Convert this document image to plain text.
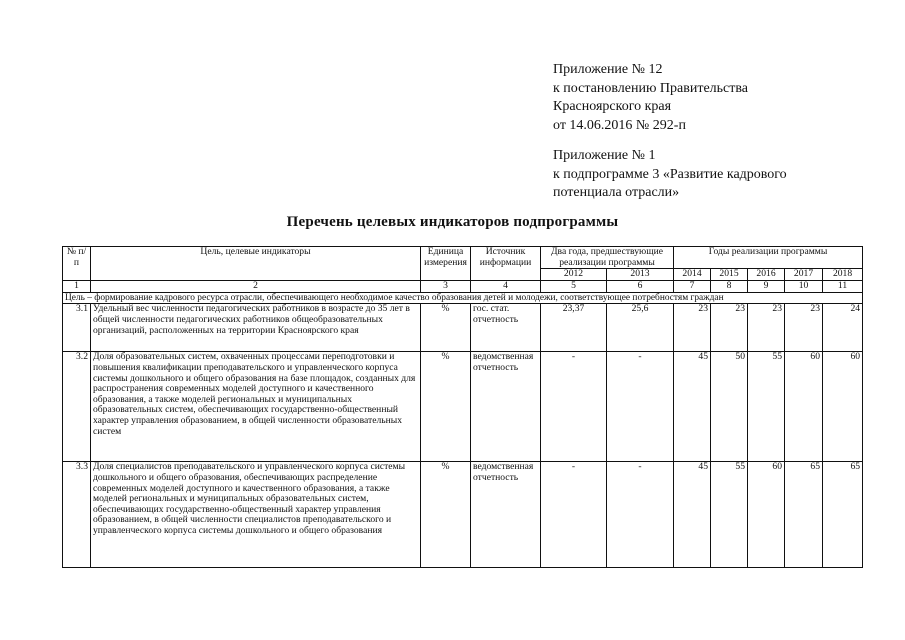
Приложение № 12
к постановлению Правительства
Красноярского края
от 14.06.2016 № 292-п
Приложение № 1
к подпрограмме 3 «Развитие кадрового
потенциала отрасли»
Перечень целевых индикаторов подпрограммы
№ п/п	Цель, целевые индикаторы	Единица измерения	Источник информации	Два года, предшествующие реализации программы		Годы реализации программы				
				2012	2013	2014	2015	2016	2017	2018
1	2	3	4	5	6	7	8	9	10	11
Цель – формирование кадрового ресурса отрасли, обеспечивающего необходимое качество образования детей и молодежи, соответствующее потребностям граждан										
3.1	Удельный вес численности педагогических работников в возрасте до 35 лет в общей численности педагогических работников общеобразовательных организаций, расположенных на территории Красноярского края	%	гос. стат. отчетность	23,37	25,6	23	23	23	23	24
3.2	Доля образовательных систем, охваченных процессами переподготовки и повышения квалификации преподавательского и управленческого корпуса системы дошкольного и общего образования на базе площадок, созданных для распространения современных моделей доступного и качественного образования, а также моделей региональных и муниципальных образовательных систем, обеспечивающих государственно-общественный характер управления образованием, в общей численности образовательных систем	%	ведомственная отчетность	-	-	45	50	55	60	60
3.3	Доля специалистов преподавательского и управленческого корпуса системы дошкольного и общего образования, обеспечивающих распределение современных моделей доступного и качественного образования, а также моделей региональных и муниципальных образовательных систем, обеспечивающих государственно-общественный характер управления образованием, в общей численности специалистов преподавательского и управленческого корпуса системы дошкольного и общего образования	%	ведомственная отчетность	-	-	45	55	60	65	65
